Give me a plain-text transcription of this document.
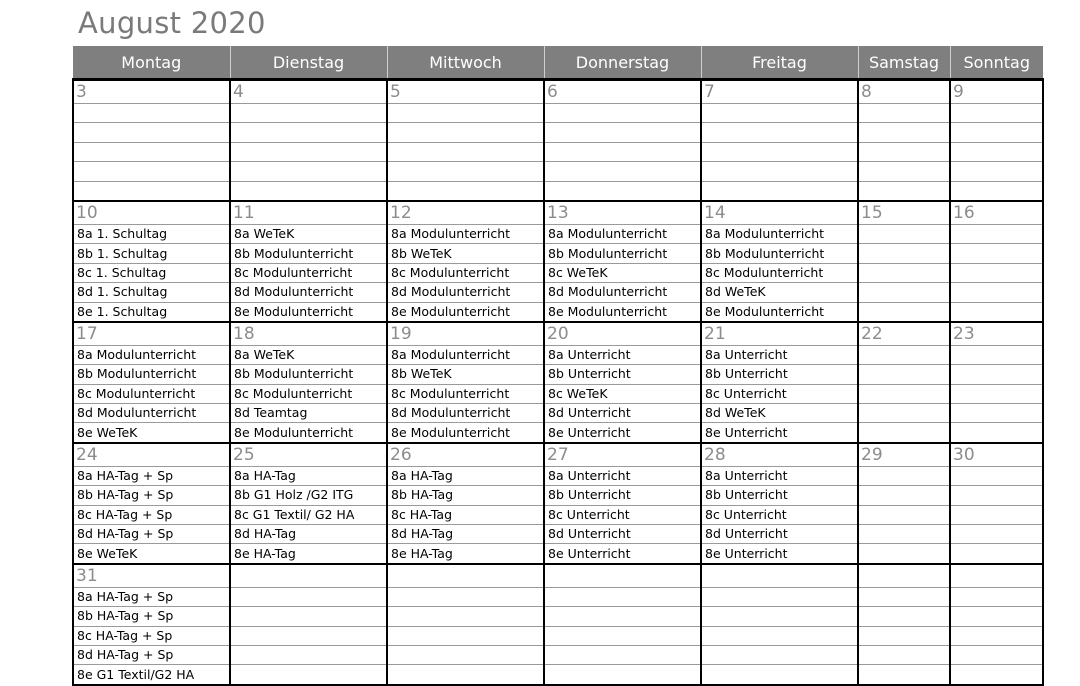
August 2020
Montag	Dienstag	Mittwoch	Donnerstag	Freitag	Samstag	Sonntag
3	4	5	6	7	8	9

10	11	12	13	14	15	16
8a 1. Schultag	8a WeTeK	8a Modulunterricht	8a Modulunterricht	8a Modulunterricht		
8b 1. Schultag	8b Modulunterricht	8b WeTeK	8b Modulunterricht	8b Modulunterricht		
8c 1. Schultag	8c Modulunterricht	8c Modulunterricht	8c WeTeK	8c Modulunterricht		
8d 1. Schultag	8d Modulunterricht	8d Modulunterricht	8d Modulunterricht	8d WeTeK		
8e 1. Schultag	8e Modulunterricht	8e Modulunterricht	8e Modulunterricht	8e Modulunterricht		
17	18	19	20	21	22	23
8a Modulunterricht	8a WeTeK	8a Modulunterricht	8a Unterricht	8a Unterricht		
8b Modulunterricht	8b Modulunterricht	8b WeTeK	8b Unterricht	8b Unterricht		
8c Modulunterricht	8c Modulunterricht	8c Modulunterricht	8c WeTeK	8c Unterricht		
8d Modulunterricht	8d Teamtag	8d Modulunterricht	8d Unterricht	8d WeTeK		
8e WeTeK	8e Modulunterricht	8e Modulunterricht	8e Unterricht	8e Unterricht		
24	25	26	27	28	29	30
8a HA-Tag + Sp	8a HA-Tag	8a HA-Tag	8a Unterricht	8a Unterricht		
8b HA-Tag + Sp	8b G1 Holz /G2 ITG	8b HA-Tag	8b Unterricht	8b Unterricht		
8c HA-Tag + Sp	8c G1 Textil/ G2 HA	8c HA-Tag	8c Unterricht	8c Unterricht		
8d HA-Tag + Sp	8d HA-Tag	8d HA-Tag	8d Unterricht	8d Unterricht		
8e WeTeK	8e HA-Tag	8e HA-Tag	8e Unterricht	8e Unterricht		
31						
8a HA-Tag + Sp						
8b HA-Tag + Sp						
8c HA-Tag + Sp						
8d HA-Tag + Sp						
8e G1 Textil/G2 HA						
